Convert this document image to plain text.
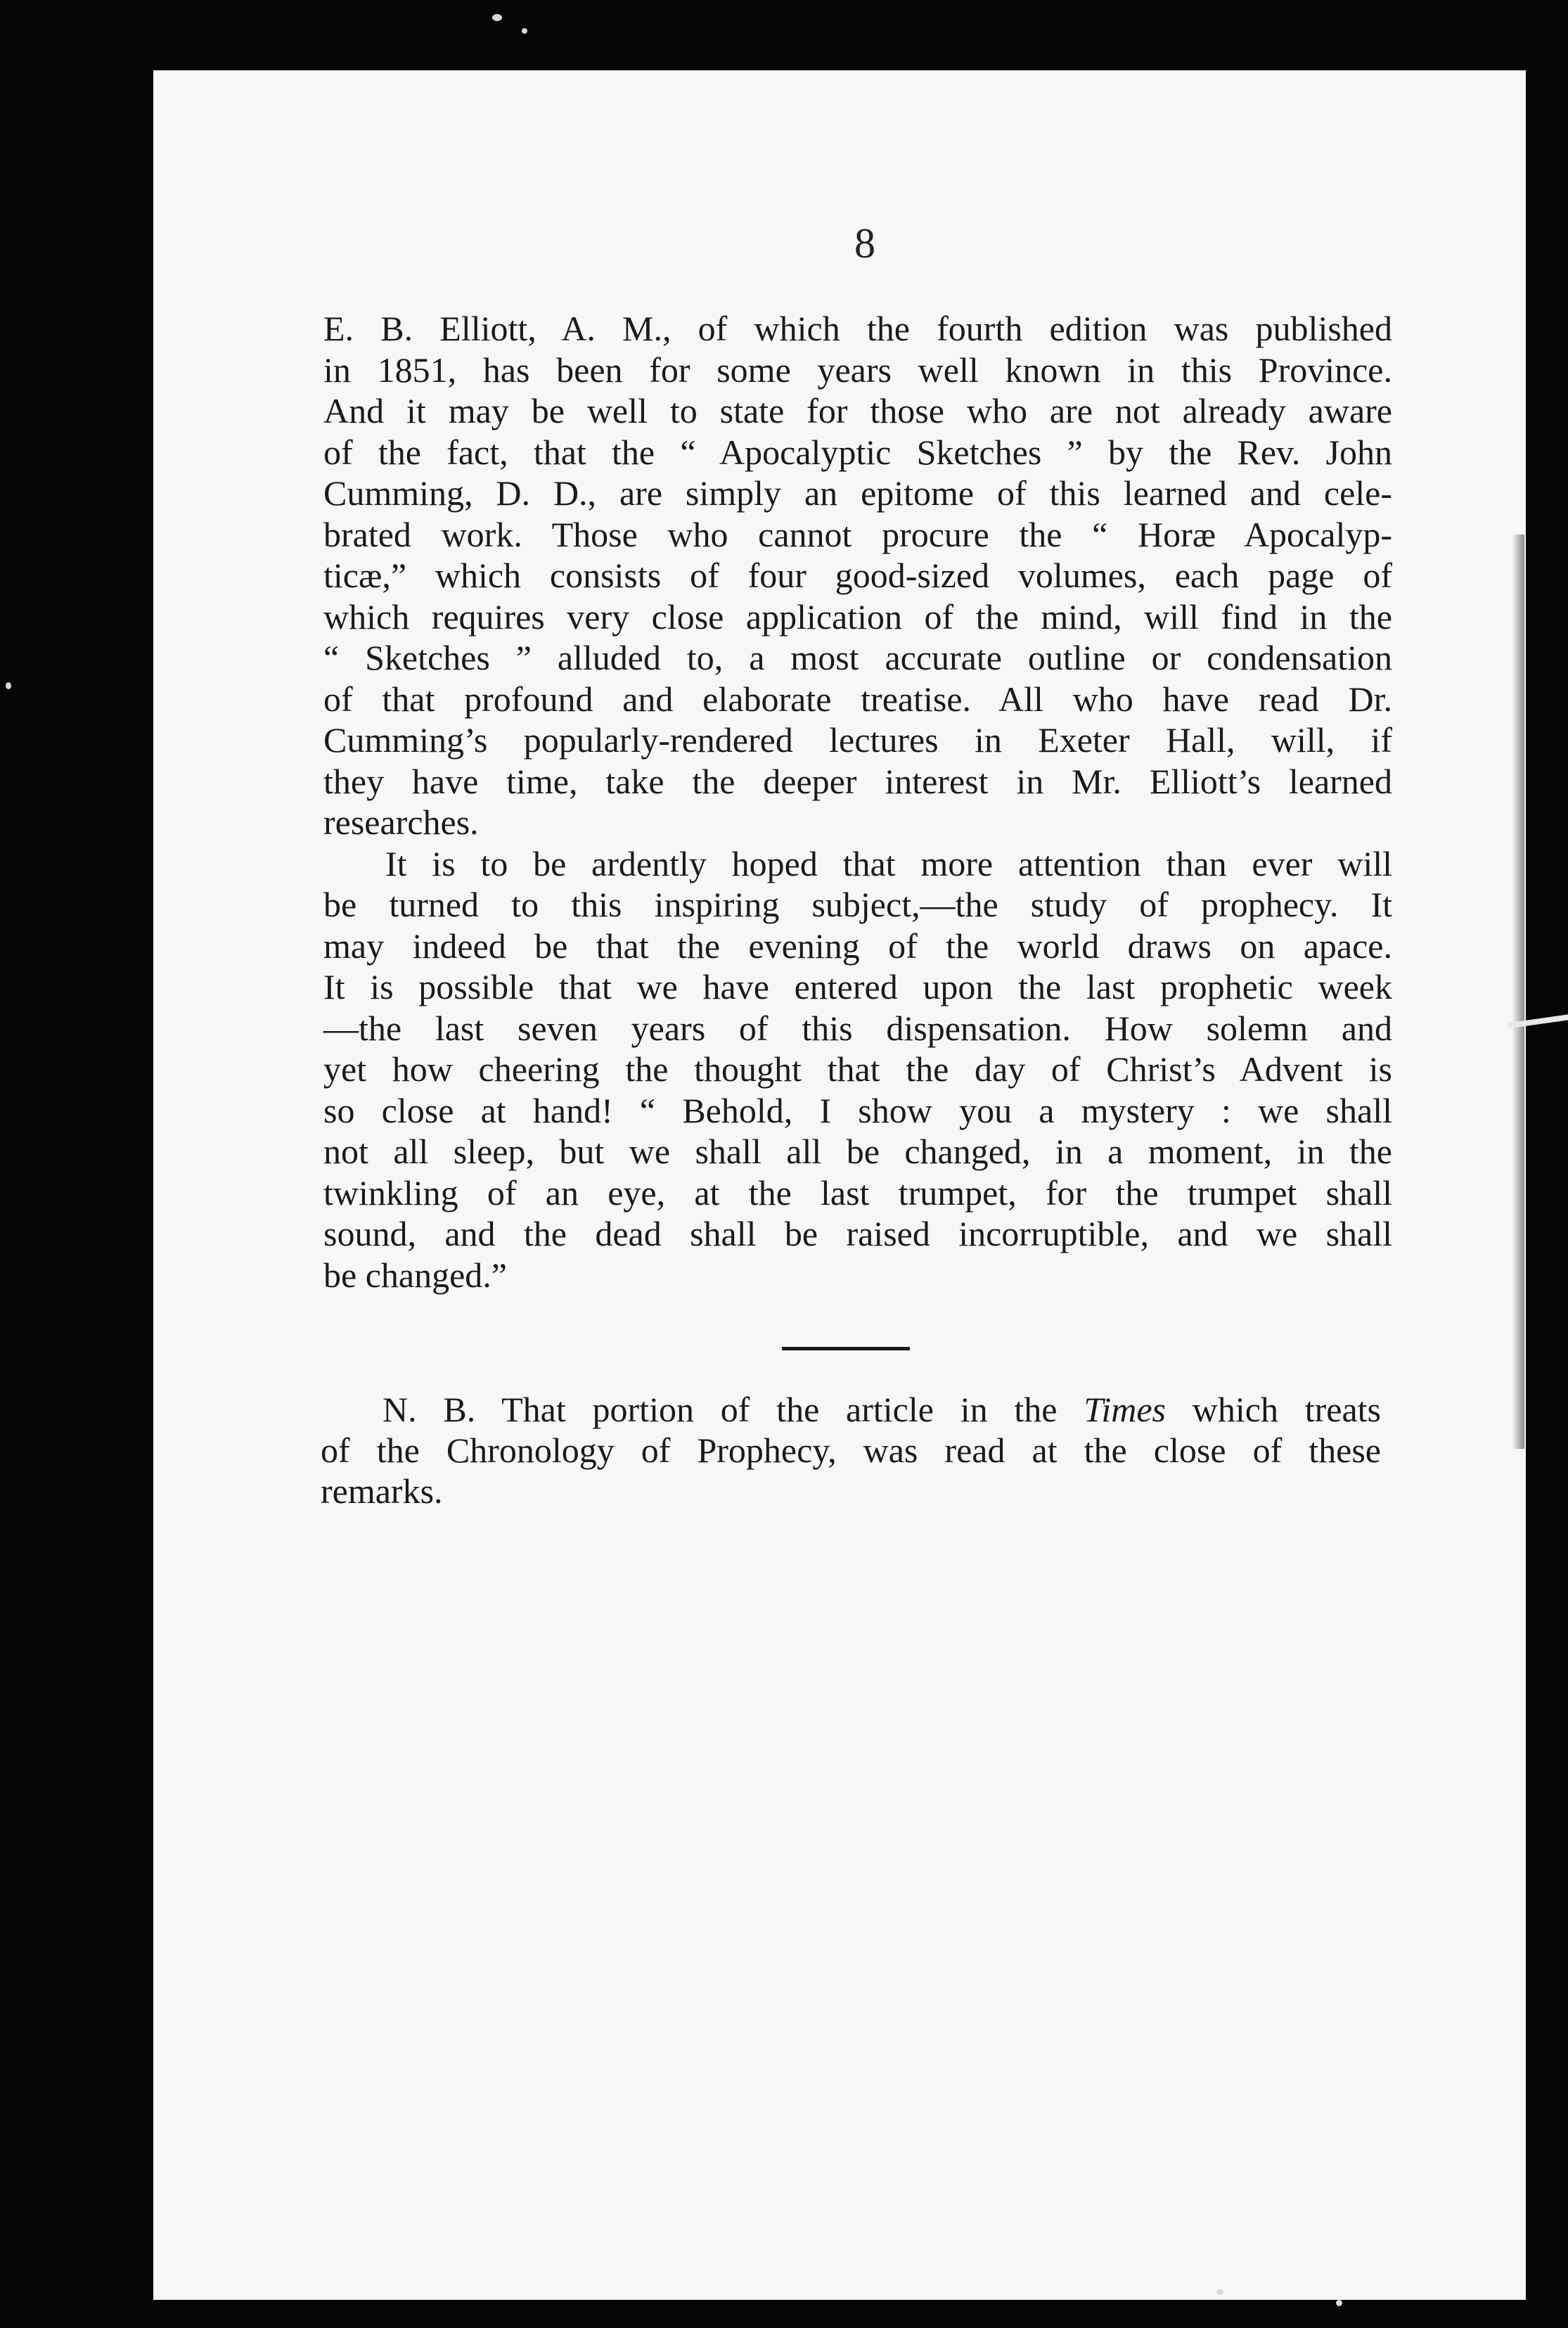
8
E. B. Elliott, A. M., of which the fourth edition was published
in 1851, has been for some years well known in this Province.
And it may be well to state for those who are not already aware
of the fact, that the “ Apocalyptic Sketches ” by the Rev. John
Cumming, D. D., are simply an epitome of this learned and cele-
brated work. Those who cannot procure the “ Horæ Apocalyp-
ticæ,” which consists of four good-sized volumes, each page of
which requires very close application of the mind, will find in the
“ Sketches ” alluded to, a most accurate outline or condensation
of that profound and elaborate treatise. All who have read Dr.
Cumming’s popularly-rendered lectures in Exeter Hall, will, if
they have time, take the deeper interest in Mr. Elliott’s learned
researches.
It is to be ardently hoped that more attention than ever will
be turned to this inspiring subject,—the study of prophecy. It
may indeed be that the evening of the world draws on apace.
It is possible that we have entered upon the last prophetic week
—the last seven years of this dispensation. How solemn and
yet how cheering the thought that the day of Christ’s Advent is
so close at hand! “ Behold, I show you a mystery : we shall
not all sleep, but we shall all be changed, in a moment, in the
twinkling of an eye, at the last trumpet, for the trumpet shall
sound, and the dead shall be raised incorruptible, and we shall
be changed.”
N. B. That portion of the article in the Times which treats
of the Chronology of Prophecy, was read at the close of these
remarks.
